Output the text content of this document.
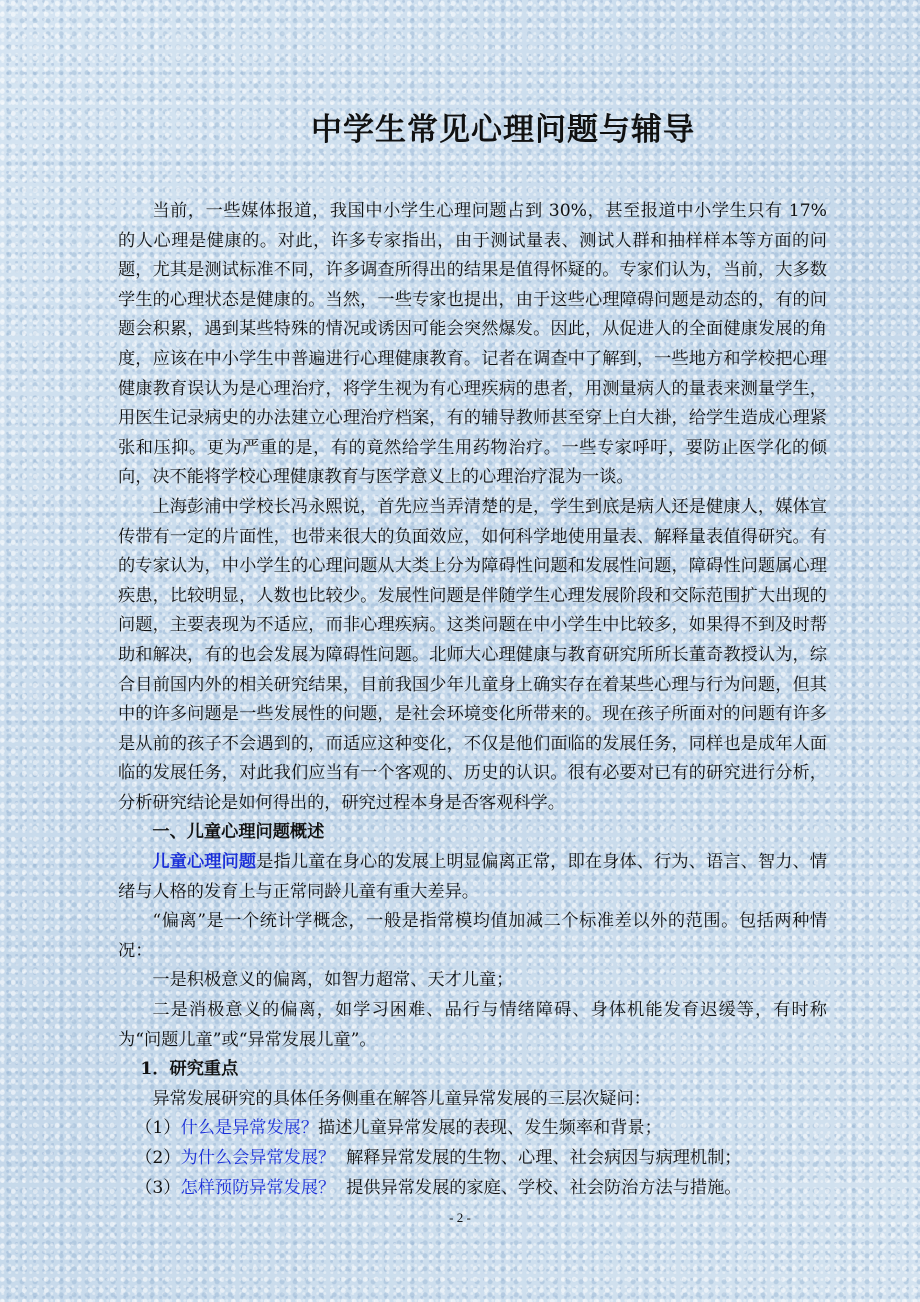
中学生常见心理问题与辅导

当前，一些媒体报道，我国中小学生心理问题占到 30%，甚至报道中小学生只有 17% 的人心理是健康的。对此，许多专家指出，由于测试量表、测试人群和抽样样本等方面的问题，尤其是测试标准不同，许多调查所得出的结果是值得怀疑的。专家们认为，当前，大多数学生的心理状态是健康的。当然，一些专家也提出，由于这些心理障碍问题是动态的，有的问题会积累，遇到某些特殊的情况或诱因可能会突然爆发。因此，从促进人的全面健康发展的角度，应该在中小学生中普遍进行心理健康教育。记者在调查中了解到，一些地方和学校把心理健康教育误认为是心理治疗，将学生视为有心理疾病的患者，用测量病人的量表来测量学生，用医生记录病史的办法建立心理治疗档案，有的辅导教师甚至穿上白大褂，给学生造成心理紧张和压抑。更为严重的是，有的竟然给学生用药物治疗。一些专家呼吁，要防止医学化的倾向，决不能将学校心理健康教育与医学意义上的心理治疗混为一谈。

上海彭浦中学校长冯永熙说，首先应当弄清楚的是，学生到底是病人还是健康人，媒体宣传带有一定的片面性，也带来很大的负面效应，如何科学地使用量表、解释量表值得研究。有的专家认为，中小学生的心理问题从大类上分为障碍性问题和发展性问题，障碍性问题属心理疾患，比较明显，人数也比较少。发展性问题是伴随学生心理发展阶段和交际范围扩大出现的问题，主要表现为不适应，而非心理疾病。这类问题在中小学生中比较多，如果得不到及时帮助和解决，有的也会发展为障碍性问题。北师大心理健康与教育研究所所长董奇教授认为，综合目前国内外的相关研究结果，目前我国少年儿童身上确实存在着某些心理与行为问题，但其中的许多问题是一些发展性的问题，是社会环境变化所带来的。现在孩子所面对的问题有许多是从前的孩子不会遇到的，而适应这种变化，不仅是他们面临的发展任务，同样也是成年人面临的发展任务，对此我们应当有一个客观的、历史的认识。很有必要对已有的研究进行分析，分析研究结论是如何得出的，研究过程本身是否客观科学。

一、儿童心理问题概述

儿童心理问题是指儿童在身心的发展上明显偏离正常，即在身体、行为、语言、智力、情绪与人格的发育上与正常同龄儿童有重大差异。

“偏离”是一个统计学概念，一般是指常模均值加减二个标准差以外的范围。包括两种情况：

一是积极意义的偏离，如智力超常、天才儿童；

二是消极意义的偏离，如学习困难、品行与情绪障碍、身体机能发育迟缓等，有时称为“问题儿童”或“异常发展儿童”。

1．研究重点

异常发展研究的具体任务侧重在解答儿童异常发展的三层次疑问：

（1）什么是异常发展？描述儿童异常发展的表现、发生频率和背景；

（2）为什么会异常发展？  解释异常发展的生物、心理、社会病因与病理机制；

（3）怎样预防异常发展？  提供异常发展的家庭、学校、社会防治方法与措施。

- 2 -
